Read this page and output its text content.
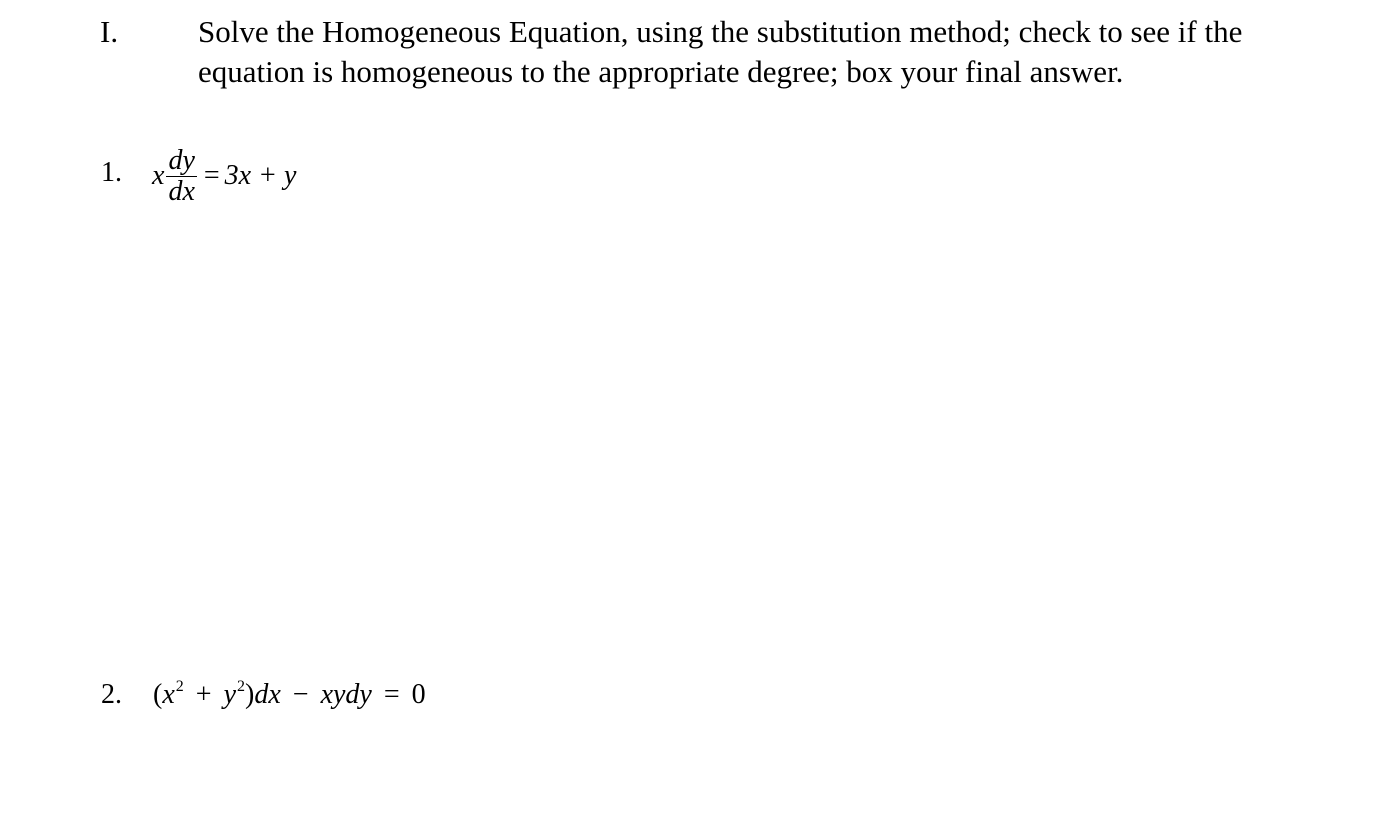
I.	Solve the Homogeneous Equation, using the substitution method; check to see if the
equation is homogeneous to the appropriate degree; box your final answer.
1. x $\frac{dy}{dx} = 3x + y$
2. $(x^2 + y^2)dx$ − xydy = 0
